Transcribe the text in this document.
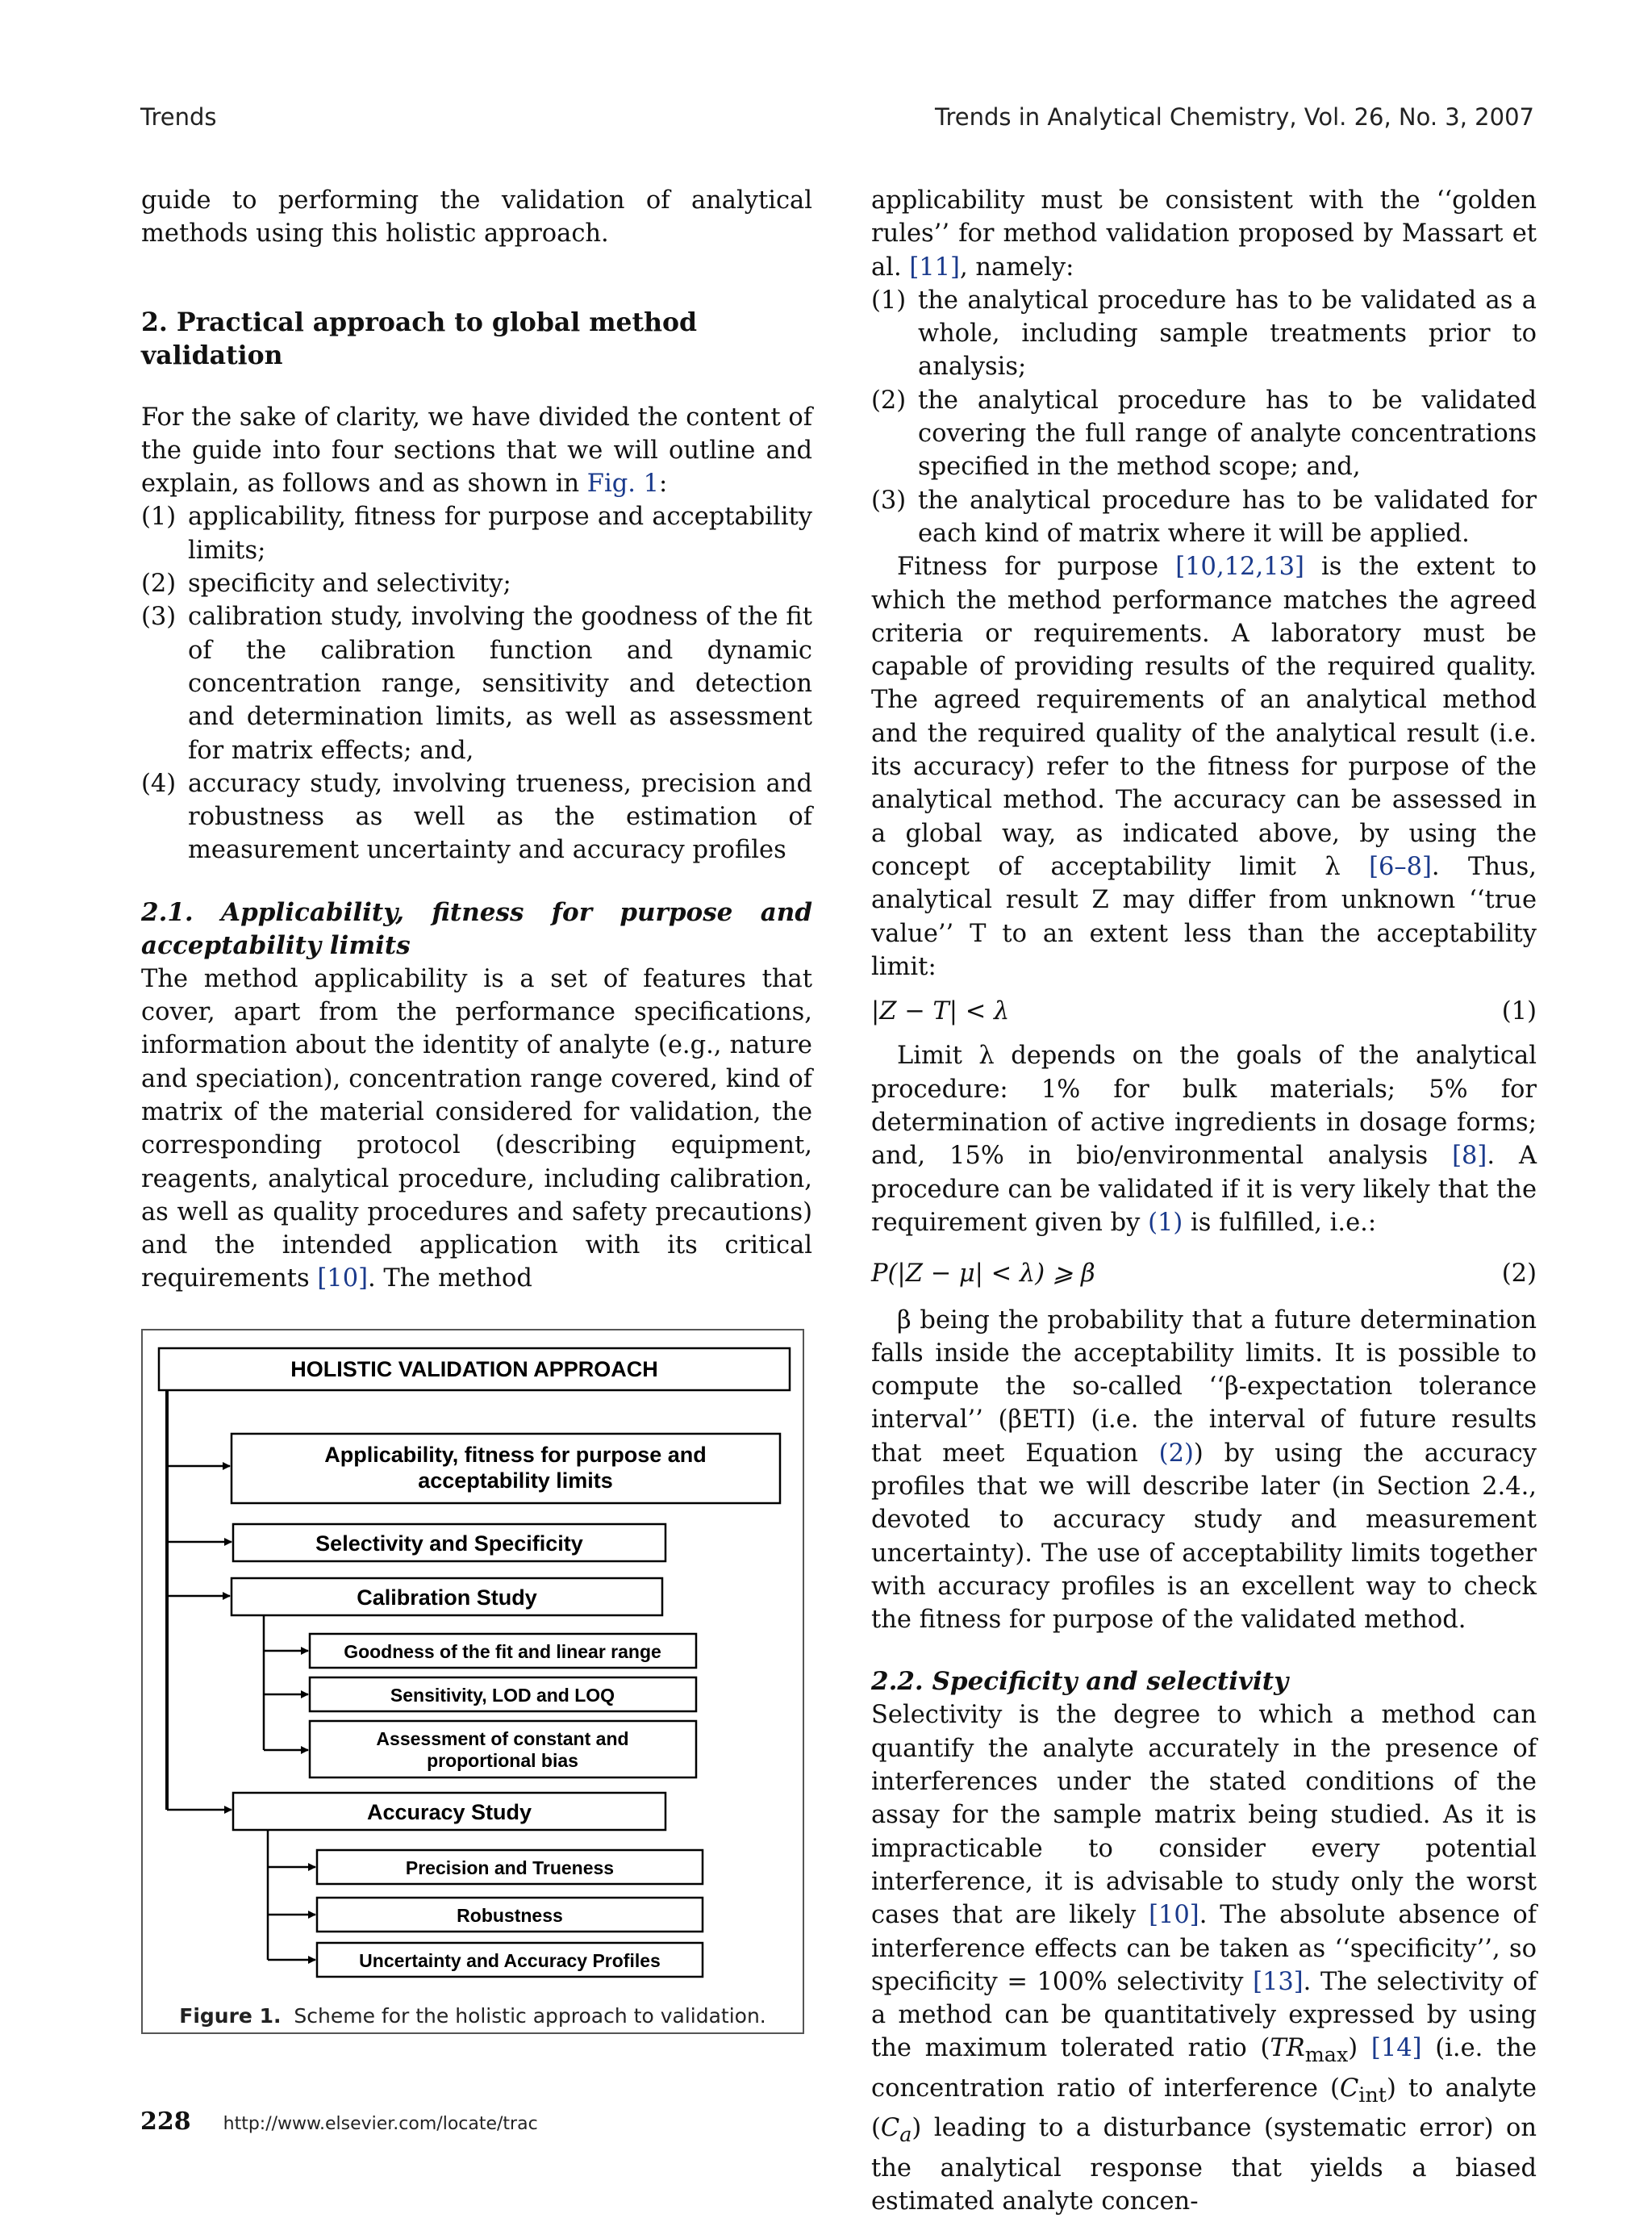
Trends	Trends in Analytical Chemistry, Vol. 26, No. 3, 2007

guide to performing the validation of analytical methods using this holistic approach.

2. Practical approach to global method validation

For the sake of clarity, we have divided the content of the guide into four sections that we will outline and explain, as follows and as shown in Fig. 1:

(1) applicability, fitness for purpose and acceptability limits;
(2) specificity and selectivity;
(3) calibration study, involving the goodness of the fit of the calibration function and dynamic concentration range, sensitivity and detection and determination limits, as well as assessment for matrix effects; and,
(4) accuracy study, involving trueness, precision and robustness as well as the estimation of measurement uncertainty and accuracy profiles
2.1. Applicability, fitness for purpose and acceptability limits

The method applicability is a set of features that cover, apart from the performance specifications, information about the identity of analyte (e.g., nature and speciation), concentration range covered, kind of matrix of the material considered for validation, the corresponding protocol (describing equipment, reagents, analytical procedure, including calibration, as well as quality procedures and safety precautions) and the intended application with its critical requirements [10]. The method

HOLISTIC VALIDATION APPROACH
Applicability, fitness for purpose and
acceptability limits
Selectivity and Specificity
Calibration Study
Goodness of the fit and linear range
Sensitivity, LOD and LOQ
Assessment of constant and
proportional bias
Accuracy Study
Precision and Trueness
Robustness
Uncertainty and Accuracy Profiles
Figure 1. Scheme for the holistic approach to validation.

applicability must be consistent with the ‘‘golden rules’’ for method validation proposed by Massart et al. [11], namely:

(1) the analytical procedure has to be validated as a whole, including sample treatments prior to analysis;
(2) the analytical procedure has to be validated covering the full range of analyte concentrations specified in the method scope; and,
(3) the analytical procedure has to be validated for each kind of matrix where it will be applied.

Fitness for purpose [10,12,13] is the extent to which the method performance matches the agreed criteria or requirements. A laboratory must be capable of providing results of the required quality. The agreed requirements of an analytical method and the required quality of the analytical result (i.e. its accuracy) refer to the fitness for purpose of the analytical method. The accuracy can be assessed in a global way, as indicated above, by using the concept of acceptability limit λ [6–8]. Thus, analytical result Z may differ from unknown ‘‘true value’’ T to an extent less than the acceptability limit:

|Z − T| < λ	(1)

Limit λ depends on the goals of the analytical procedure: 1% for bulk materials; 5% for determination of active ingredients in dosage forms; and, 15% in bio/environmental analysis [8]. A procedure can be validated if it is very likely that the requirement given by (1) is fulfilled, i.e.:

P(|Z − μ| < λ) ⩾ β	(2)

β being the probability that a future determination falls inside the acceptability limits. It is possible to compute the so-called ‘‘β-expectation tolerance interval’’ (βETI) (i.e. the interval of future results that meet Equation (2)) by using the accuracy profiles that we will describe later (in Section 2.4., devoted to accuracy study and measurement uncertainty). The use of acceptability limits together with accuracy profiles is an excellent way to check the fitness for purpose of the validated method.

2.2. Specificity and selectivity

Selectivity is the degree to which a method can quantify the analyte accurately in the presence of interferences under the stated conditions of the assay for the sample matrix being studied. As it is impracticable to consider every potential interference, it is advisable to study only the worst cases that are likely [10]. The absolute absence of interference effects can be taken as ‘‘specificity’’, so specificity = 100% selectivity [13]. The selectivity of a method can be quantitatively expressed by using the maximum tolerated ratio $(TR_{max})$ [14] (i.e. the concentration ratio of interference $(C_{int})$ to analyte $(C_a)$ leading to a disturbance (systematic error) on the analytical response that yields a biased estimated analyte concen-

228 http://www.elsevier.com/locate/trac
